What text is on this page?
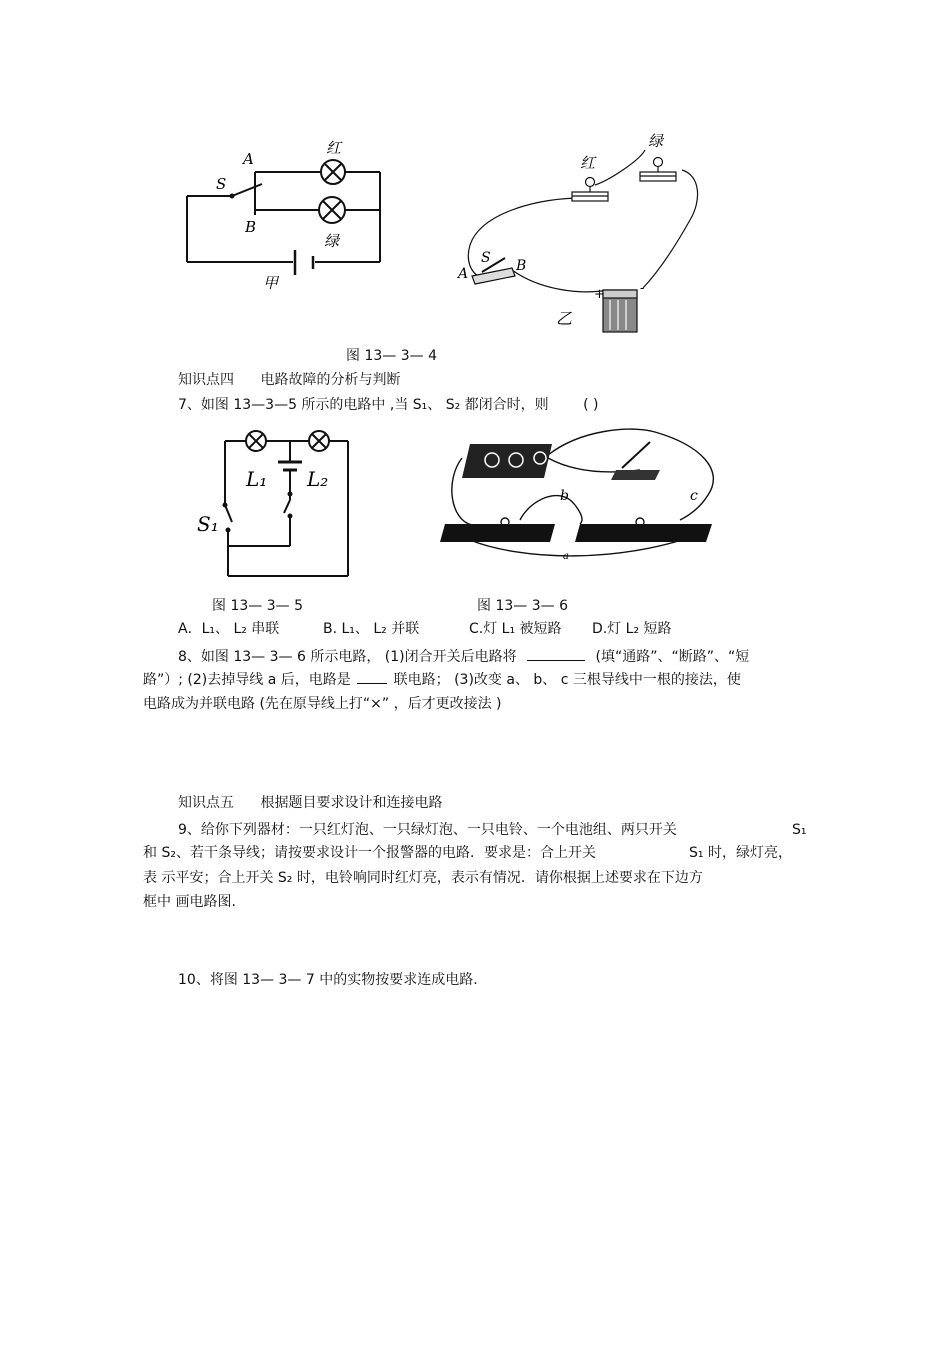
A
S
B
红
绿
甲
红
绿
S
A	B
+	-
乙
图 13— 3— 4
知识点四 电路故障的分析与判断
7、如图 13—3—5 所示的电路中 ,当 S₁、 S₂ 都闭合时，则 ( )
L₁ L₂
S₁
b	c
a
图 13— 3— 5	图 13— 3— 6
A．L₁、 L₂ 串联	B. L₁、 L₂ 并联	C.灯 L₁ 被短路 D.灯 L₂ 短路
8、如图 13— 3— 6 所示电路， (1)闭合开关后电路将	(填“通路”、“断路”、“短
路”）; (2)去掉导线 a 后，电路是	联电路； (3)改变 a、 b、 c 三根导线中一根的接法，使
电路成为并联电路 (先在原导线上打“×” ，后才更改接法 )
知识点五 根据题目要求设计和连接电路
9、给你下列器材：一只红灯泡、一只绿灯泡、一只电铃、一个电池组、两只开关	S₁
和 S₂、若干条导线；请按要求设计一个报警器的电路．要求是：合上开关	S₁ 时，绿灯亮，
表 示平安；合上开关 S₂ 时，电铃响同时红灯亮，表示有情况．请你根据上述要求在下边方
框中 画电路图.
10、将图 13— 3— 7 中的实物按要求连成电路.
